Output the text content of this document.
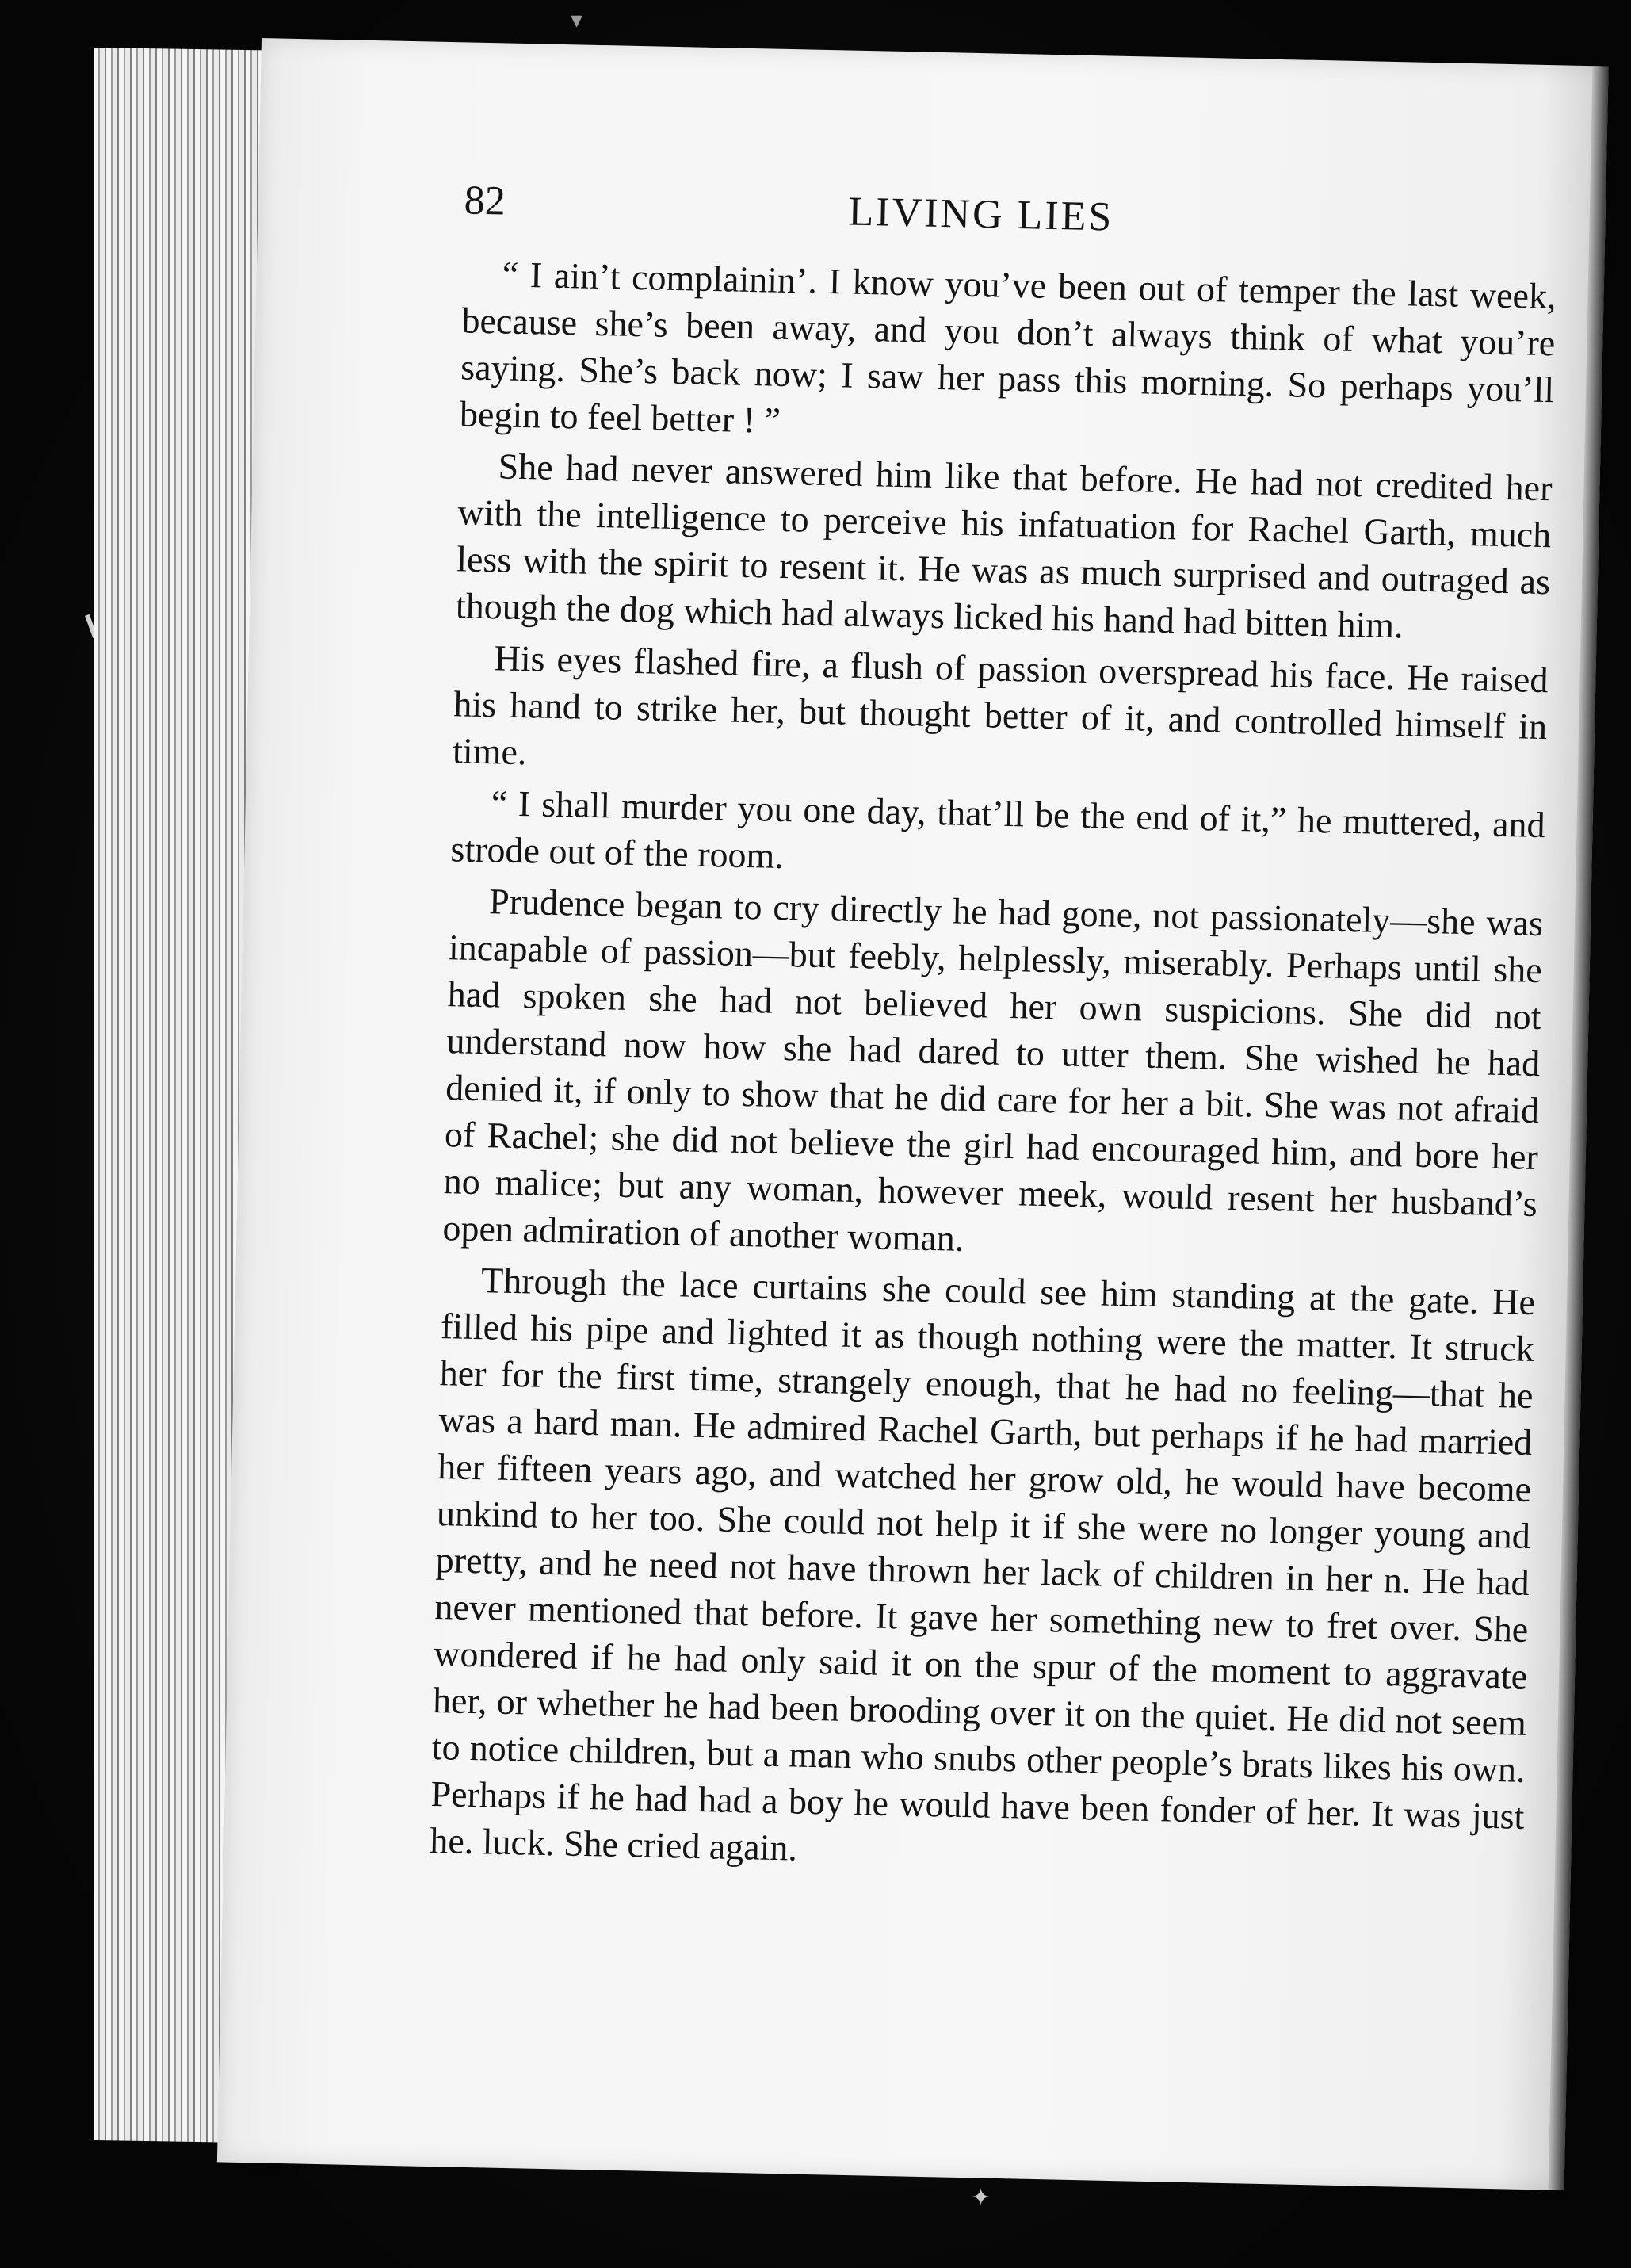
▾
82	LIVING LIES

“ I ain’t complainin’. I know you’ve been out of temper the last week, because she’s been away, and you don’t always think of what you’re saying. She’s back now; I saw her pass this morning. So perhaps you’ll begin to feel better ! ”

She had never answered him like that before. He had not credited her with the intelligence to perceive his infatuation for Rachel Garth, much less with the spirit to resent it. He was as much surprised and outraged as though the dog which had always licked his hand had bitten him.

His eyes flashed fire, a flush of passion overspread his face. He raised his hand to strike her, but thought better of it, and controlled himself in time.

“ I shall murder you one day, that’ll be the end of it,” he muttered, and strode out of the room.

Prudence began to cry directly he had gone, not passionately—she was incapable of passion—but feebly, helplessly, miserably. Perhaps until she had spoken she had not believed her own suspicions. She did not understand now how she had dared to utter them. She wished he had denied it, if only to show that he did care for her a bit. She was not afraid of Rachel; she did not believe the girl had encouraged him, and bore her no malice; but any woman, however meek, would resent her husband’s open admiration of another woman.

Through the lace curtains she could see him standing at the gate. He filled his pipe and lighted it as though nothing were the matter. It struck her for the first time, strangely enough, that he had no feeling—that he was a hard man. He admired Rachel Garth, but perhaps if he had married her fifteen years ago, and watched her grow old, he would have become unkind to her too. She could not help it if she were no longer young and pretty, and he need not have thrown her lack of children in her n. He had never mentioned that before. It gave her something new to fret over. She wondered if he had only said it on the spur of the moment to aggravate her, or whether he had been brooding over it on the quiet. He did not seem to notice children, but a man who snubs other people’s brats likes his own. Perhaps if he had had a boy he would have been fonder of her. It was just he. luck. She cried again.

✦
